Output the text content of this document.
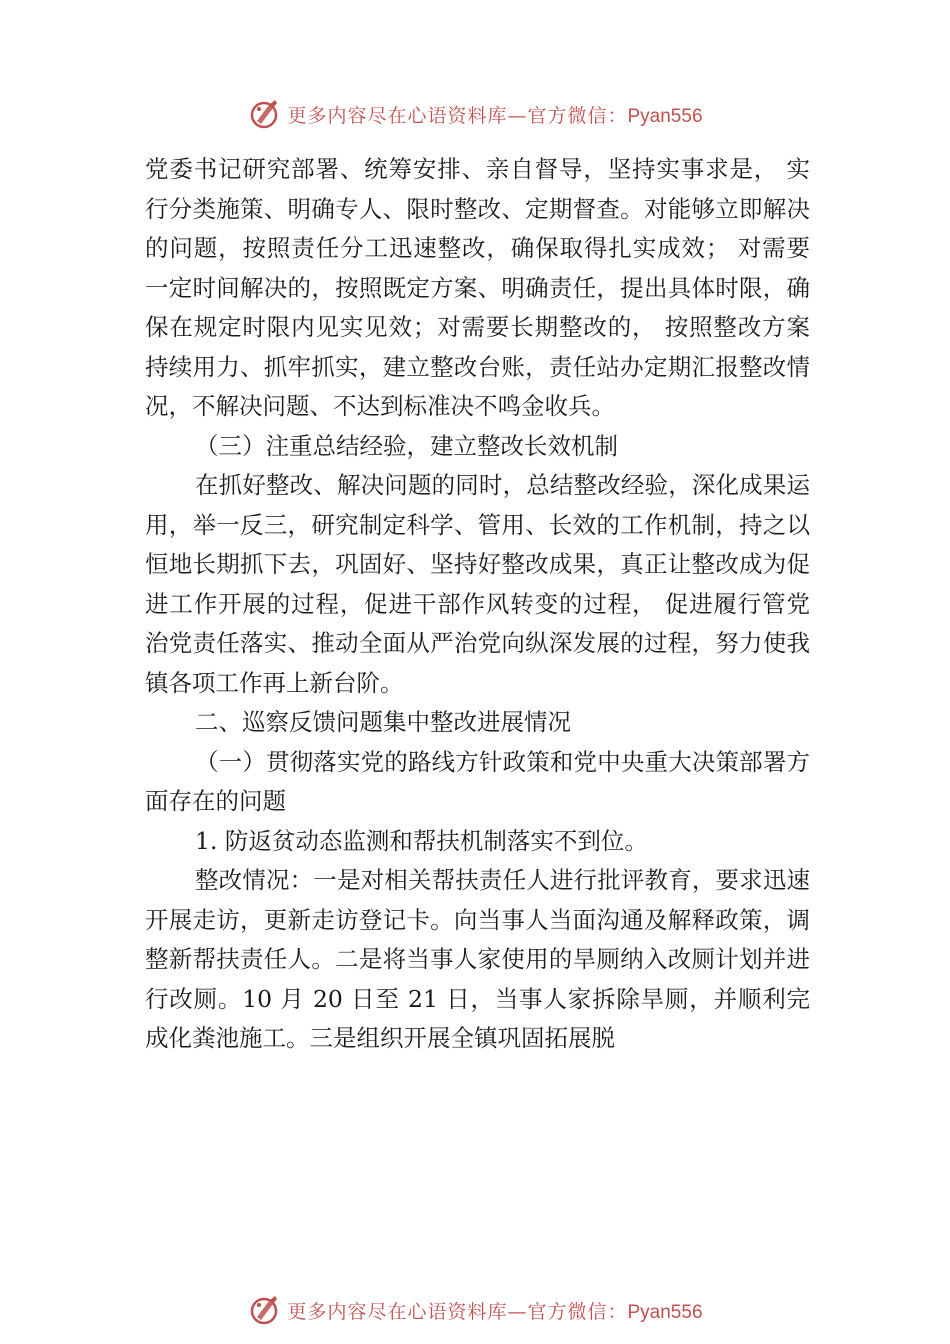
更多内容尽在心语资料库—官方微信：Pyan556

党委书记研究部署、统筹安排、亲自督导，坚持实事求是， 实行分类施策、明确专人、限时整改、定期督查。对能够立即解决的问题，按照责任分工迅速整改，确保取得扎实成效； 对需要一定时间解决的，按照既定方案、明确责任，提出具体时限，确保在规定时限内见实见效；对需要长期整改的， 按照整改方案持续用力、抓牢抓实，建立整改台账，责任站办定期汇报整改情况，不解决问题、不达到标准决不鸣金收兵。

（三）注重总结经验，建立整改长效机制

在抓好整改、解决问题的同时，总结整改经验，深化成果运用，举一反三，研究制定科学、管用、长效的工作机制，持之以恒地长期抓下去，巩固好、坚持好整改成果，真正让整改成为促进工作开展的过程，促进干部作风转变的过程， 促进履行管党治党责任落实、推动全面从严治党向纵深发展的过程，努力使我镇各项工作再上新台阶。

二、巡察反馈问题集中整改进展情况

（一）贯彻落实党的路线方针政策和党中央重大决策部署方面存在的问题

1. 防返贫动态监测和帮扶机制落实不到位。

整改情况：一是对相关帮扶责任人进行批评教育，要求迅速开展走访，更新走访登记卡。向当事人当面沟通及解释政策，调整新帮扶责任人。二是将当事人家使用的旱厕纳入改厕计划并进行改厕。10 月 20 日至 21 日，当事人家拆除旱厕，并顺利完成化粪池施工。三是组织开展全镇巩固拓展脱

更多内容尽在心语资料库—官方微信：Pyan556
